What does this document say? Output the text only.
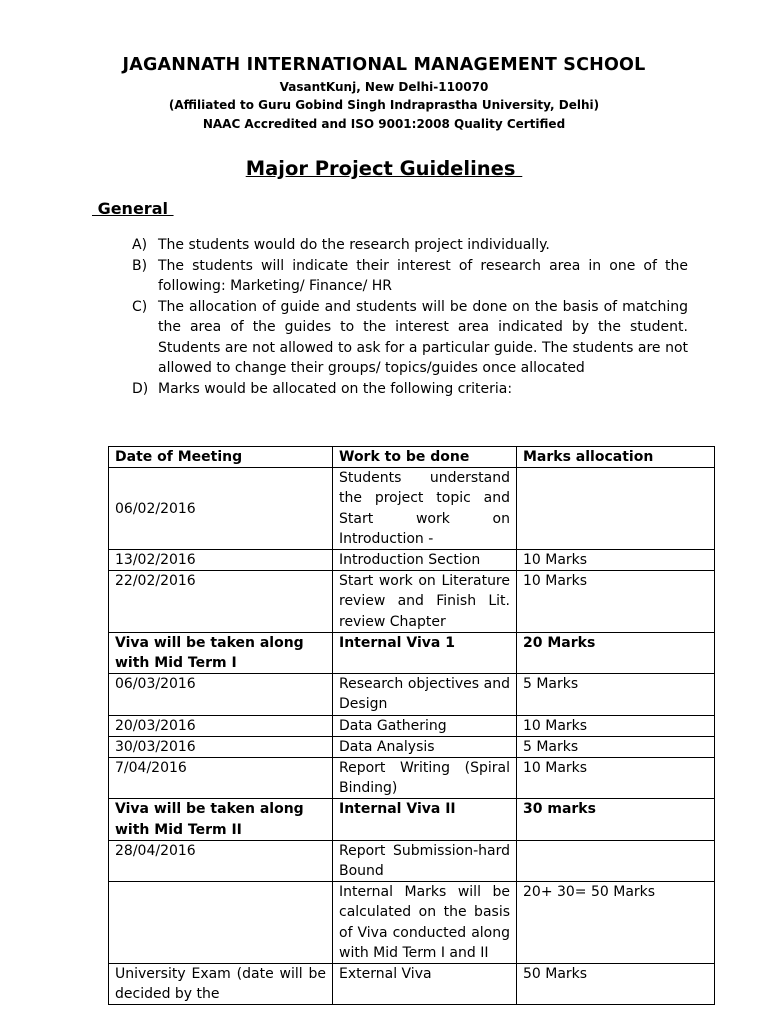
JAGANNATH INTERNATIONAL MANAGEMENT SCHOOL
VasantKunj, New Delhi-110070
(Affiliated to Guru Gobind Singh Indraprastha University, Delhi)
NAAC Accredited and ISO 9001:2008 Quality Certified
Major Project Guidelines
General
A) The students would do the research project individually.
B) The students will indicate their interest of research area in one of the following: Marketing/ Finance/ HR
C) The allocation of guide and students will be done on the basis of matching the area of the guides to the interest area indicated by the student. Students are not allowed to ask for a particular guide. The students are not allowed to change their groups/ topics/guides once allocated
D) Marks would be allocated on the following criteria:
Date of Meeting	Work to be done	Marks allocation
06/02/2016	Students understand the project topic and Start work on Introduction -	
13/02/2016	Introduction Section	10 Marks
22/02/2016	Start work on Literature review and Finish Lit. review Chapter	10 Marks
Viva will be taken along with Mid Term I	Internal Viva 1	20 Marks
06/03/2016	Research objectives and Design	5 Marks
20/03/2016	Data Gathering	10 Marks
30/03/2016	Data Analysis	5 Marks
7/04/2016	Report Writing (Spiral Binding)	10 Marks
Viva will be taken along with Mid Term II	Internal Viva II	30 marks
28/04/2016	Report Submission-hard Bound	
	Internal Marks will be calculated on the basis of Viva conducted along with Mid Term I and II	20+ 30= 50 Marks
University Exam (date will be decided by the	External Viva	50 Marks
